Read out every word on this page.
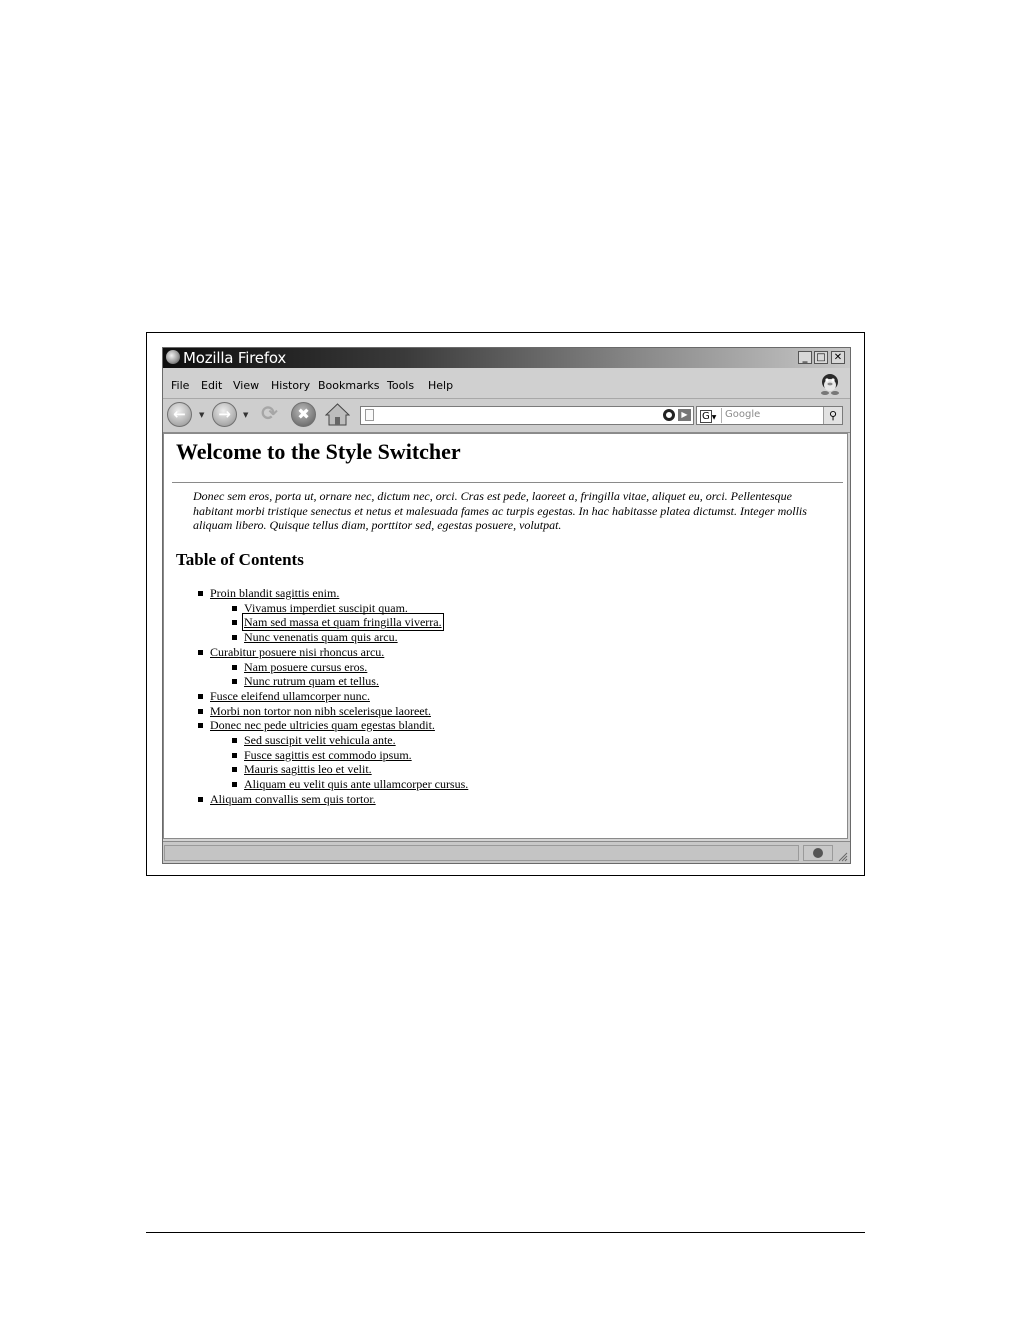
Mozilla Firefox	_ □ ✕
File Edit View History Bookmarks Tools Help
←	▼ →	▼ ⟳	✖	▶	G ▼ Google	⚲
Welcome to the Style Switcher

Donec sem eros, porta ut, ornare nec, dictum nec, orci. Cras est pede, laoreet a, fringilla vitae, aliquet eu, orci. Pellentesque habitant morbi tristique senectus et netus et malesuada fames ac turpis egestas. In hac habitasse platea dictumst. Integer mollis aliquam libero. Quisque tellus diam, porttitor sed, egestas posuere, volutpat.

Table of Contents
Proin blandit sagittis enim.
Vivamus imperdiet suscipit quam.
Nam sed massa et quam fringilla viverra.
Nunc venenatis quam quis arcu.
Curabitur posuere nisi rhoncus arcu.
Nam posuere cursus eros.
Nunc rutrum quam et tellus.
Fusce eleifend ullamcorper nunc.
Morbi non tortor non nibh scelerisque laoreet.
Donec nec pede ultricies quam egestas blandit.
Sed suscipit velit vehicula ante.
Fusce sagittis est commodo ipsum.
Mauris sagittis leo et velit.
Aliquam eu velit quis ante ullamcorper cursus.
Aliquam convallis sem quis tortor.
